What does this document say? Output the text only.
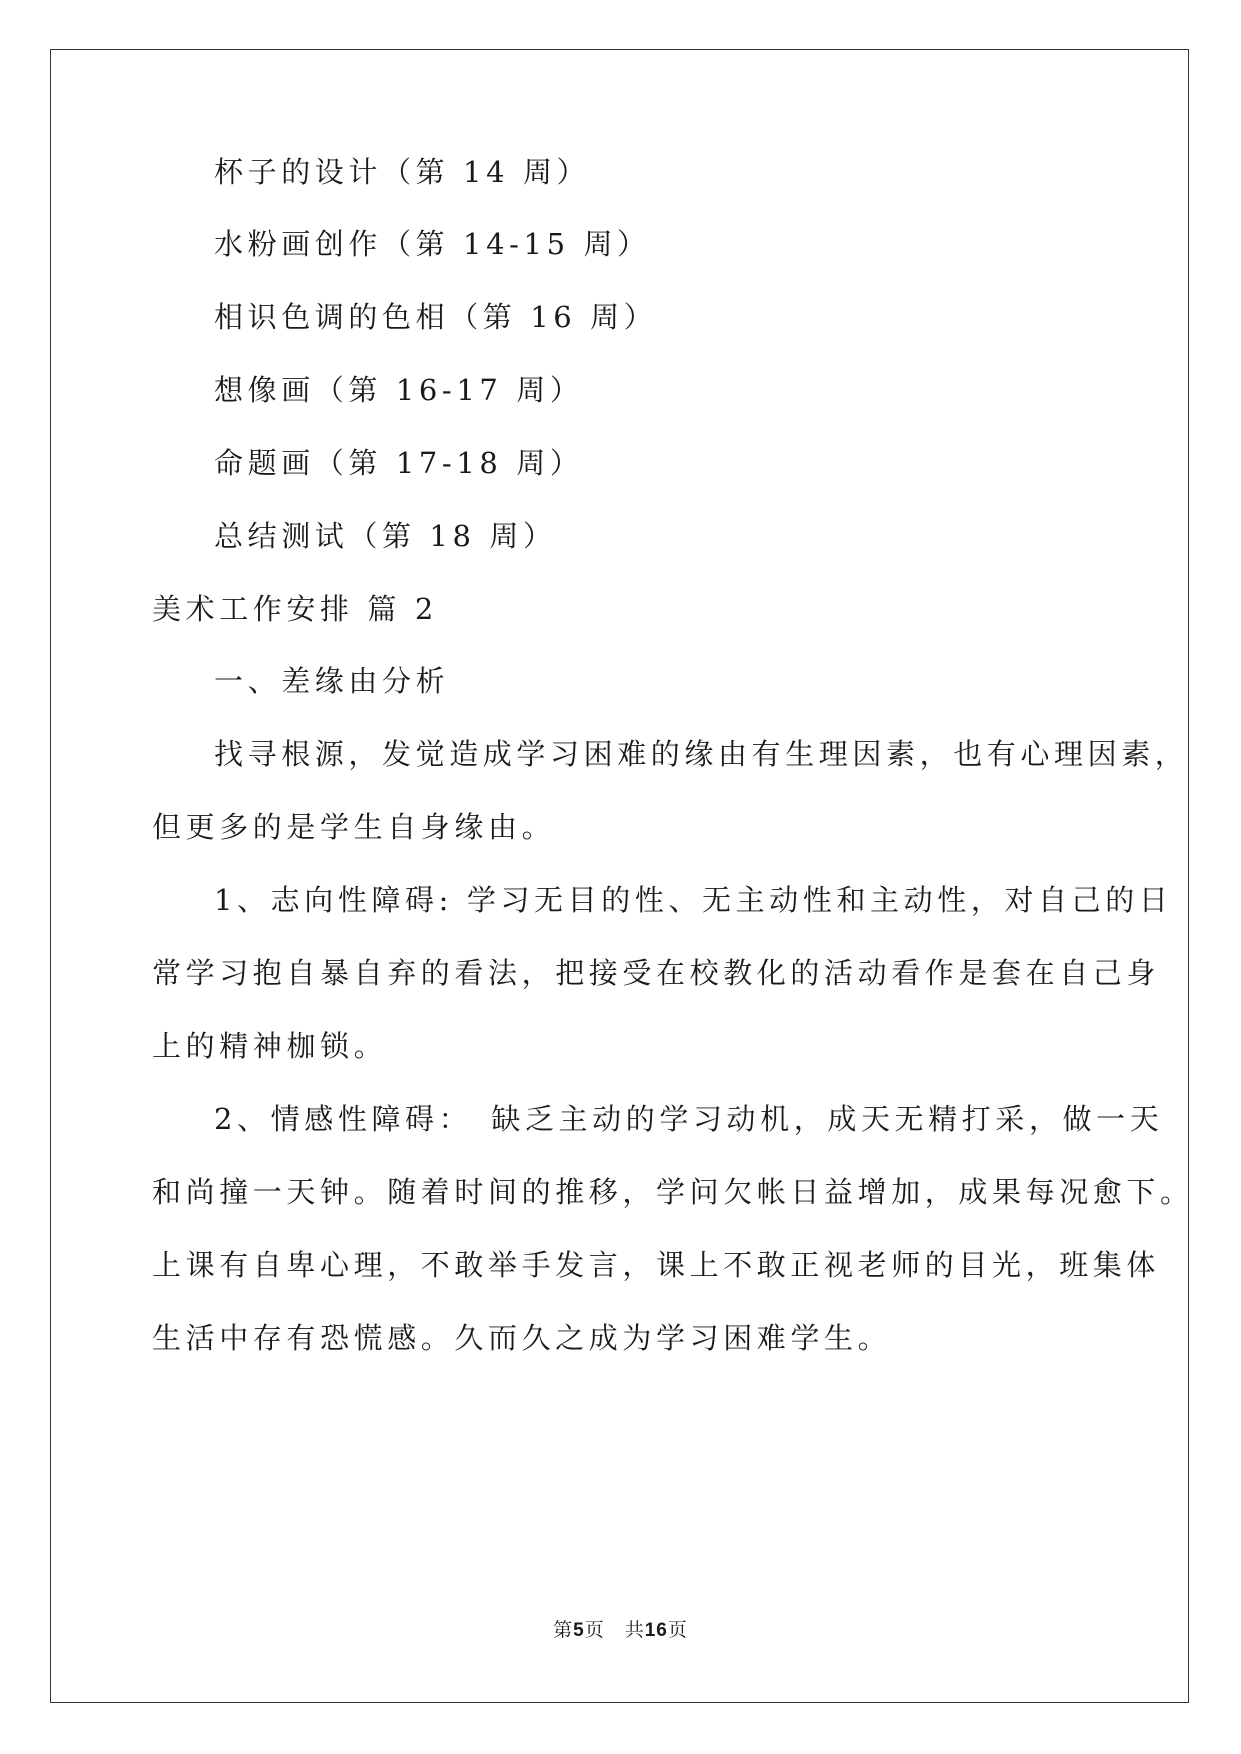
杯子的设计（第 14 周）
水粉画创作（第 14-15 周）
相识色调的色相（第 16 周）
想像画（第 16-17 周）
命题画（第 17-18 周）
总结测试（第 18 周）
美术工作安排 篇 2
一、差缘由分析
找寻根源，发觉造成学习困难的缘由有生理因素，也有心理因素，
但更多的是学生自身缘由。
1、志向性障碍: 学习无目的性、无主动性和主动性，对自己的日
常学习抱自暴自弃的看法，把接受在校教化的活动看作是套在自己身
上的精神枷锁。
2、情感性障碍：　缺乏主动的学习动机，成天无精打采，做一天
和尚撞一天钟。随着时间的推移，学问欠帐日益增加，成果每况愈下。
上课有自卑心理，不敢举手发言，课上不敢正视老师的目光，班集体
生活中存有恐慌感。久而久之成为学习困难学生。
第5页　共16页
